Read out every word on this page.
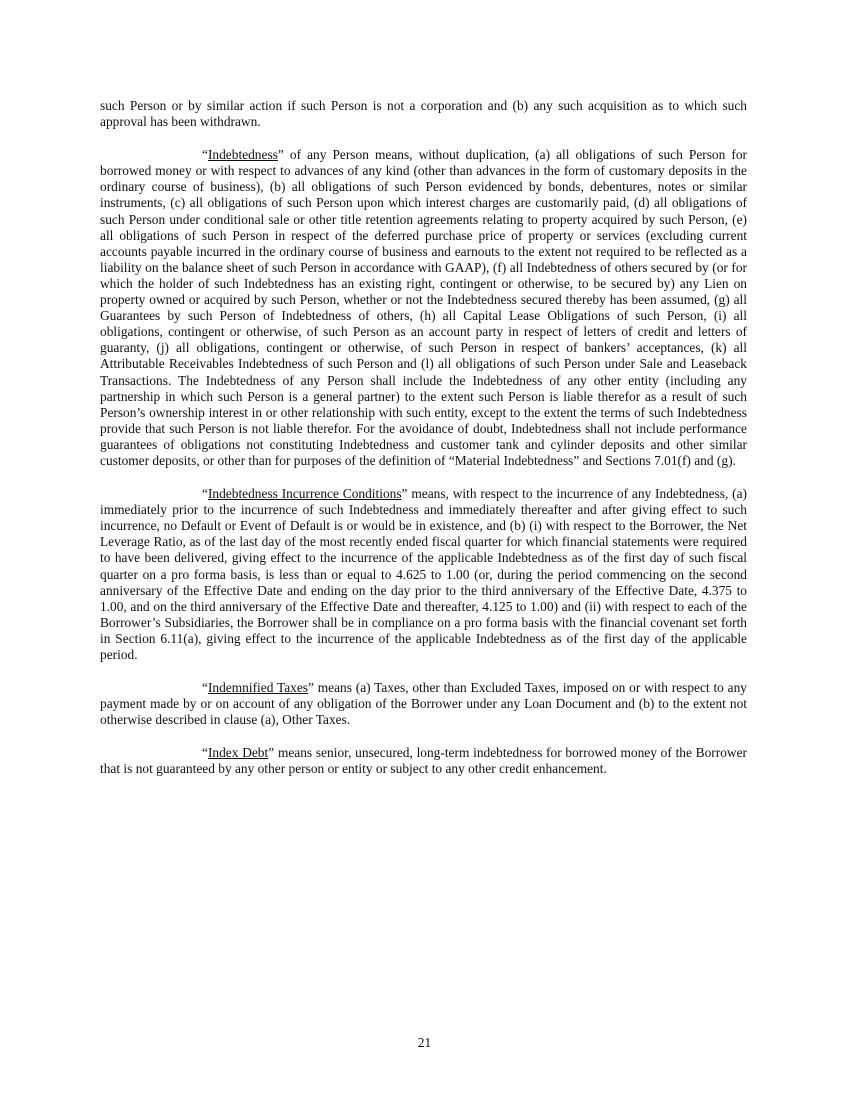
such Person or by similar action if such Person is not a corporation and (b) any such acquisition as to which such approval has been withdrawn.

“Indebtedness” of any Person means, without duplication, (a) all obligations of such Person for borrowed money or with respect to advances of any kind (other than advances in the form of customary deposits in the ordinary course of business), (b) all obligations of such Person evidenced by bonds, debentures, notes or similar instruments, (c) all obligations of such Person upon which interest charges are customarily paid, (d) all obligations of such Person under conditional sale or other title retention agreements relating to property acquired by such Person, (e) all obligations of such Person in respect of the deferred purchase price of property or services (excluding current accounts payable incurred in the ordinary course of business and earnouts to the extent not required to be reflected as a liability on the balance sheet of such Person in accordance with GAAP), (f) all Indebtedness of others secured by (or for which the holder of such Indebtedness has an existing right, contingent or otherwise, to be secured by) any Lien on property owned or acquired by such Person, whether or not the Indebtedness secured thereby has been assumed, (g) all Guarantees by such Person of Indebtedness of others, (h) all Capital Lease Obligations of such Person, (i) all obligations, contingent or otherwise, of such Person as an account party in respect of letters of credit and letters of guaranty, (j) all obligations, contingent or otherwise, of such Person in respect of bankers’ acceptances, (k) all Attributable Receivables Indebtedness of such Person and (l) all obligations of such Person under Sale and Leaseback Transactions. The Indebtedness of any Person shall include the Indebtedness of any other entity (including any partnership in which such Person is a general partner) to the extent such Person is liable therefor as a result of such Person’s ownership interest in or other relationship with such entity, except to the extent the terms of such Indebtedness provide that such Person is not liable therefor. For the avoidance of doubt, Indebtedness shall not include performance guarantees of obligations not constituting Indebtedness and customer tank and cylinder deposits and other similar customer deposits, or other than for purposes of the definition of “Material Indebtedness” and Sections 7.01(f) and (g).

“Indebtedness Incurrence Conditions” means, with respect to the incurrence of any Indebtedness, (a) immediately prior to the incurrence of such Indebtedness and immediately thereafter and after giving effect to such incurrence, no Default or Event of Default is or would be in existence, and (b) (i) with respect to the Borrower, the Net Leverage Ratio, as of the last day of the most recently ended fiscal quarter for which financial statements were required to have been delivered, giving effect to the incurrence of the applicable Indebtedness as of the first day of such fiscal quarter on a pro forma basis, is less than or equal to 4.625 to 1.00 (or, during the period commencing on the second anniversary of the Effective Date and ending on the day prior to the third anniversary of the Effective Date, 4.375 to 1.00, and on the third anniversary of the Effective Date and thereafter, 4.125 to 1.00) and (ii) with respect to each of the Borrower’s Subsidiaries, the Borrower shall be in compliance on a pro forma basis with the financial covenant set forth in Section 6.11(a), giving effect to the incurrence of the applicable Indebtedness as of the first day of the applicable period.

“Indemnified Taxes” means (a) Taxes, other than Excluded Taxes, imposed on or with respect to any payment made by or on account of any obligation of the Borrower under any Loan Document and (b) to the extent not otherwise described in clause (a), Other Taxes.

“Index Debt” means senior, unsecured, long-term indebtedness for borrowed money of the Borrower that is not guaranteed by any other person or entity or subject to any other credit enhancement.

21
